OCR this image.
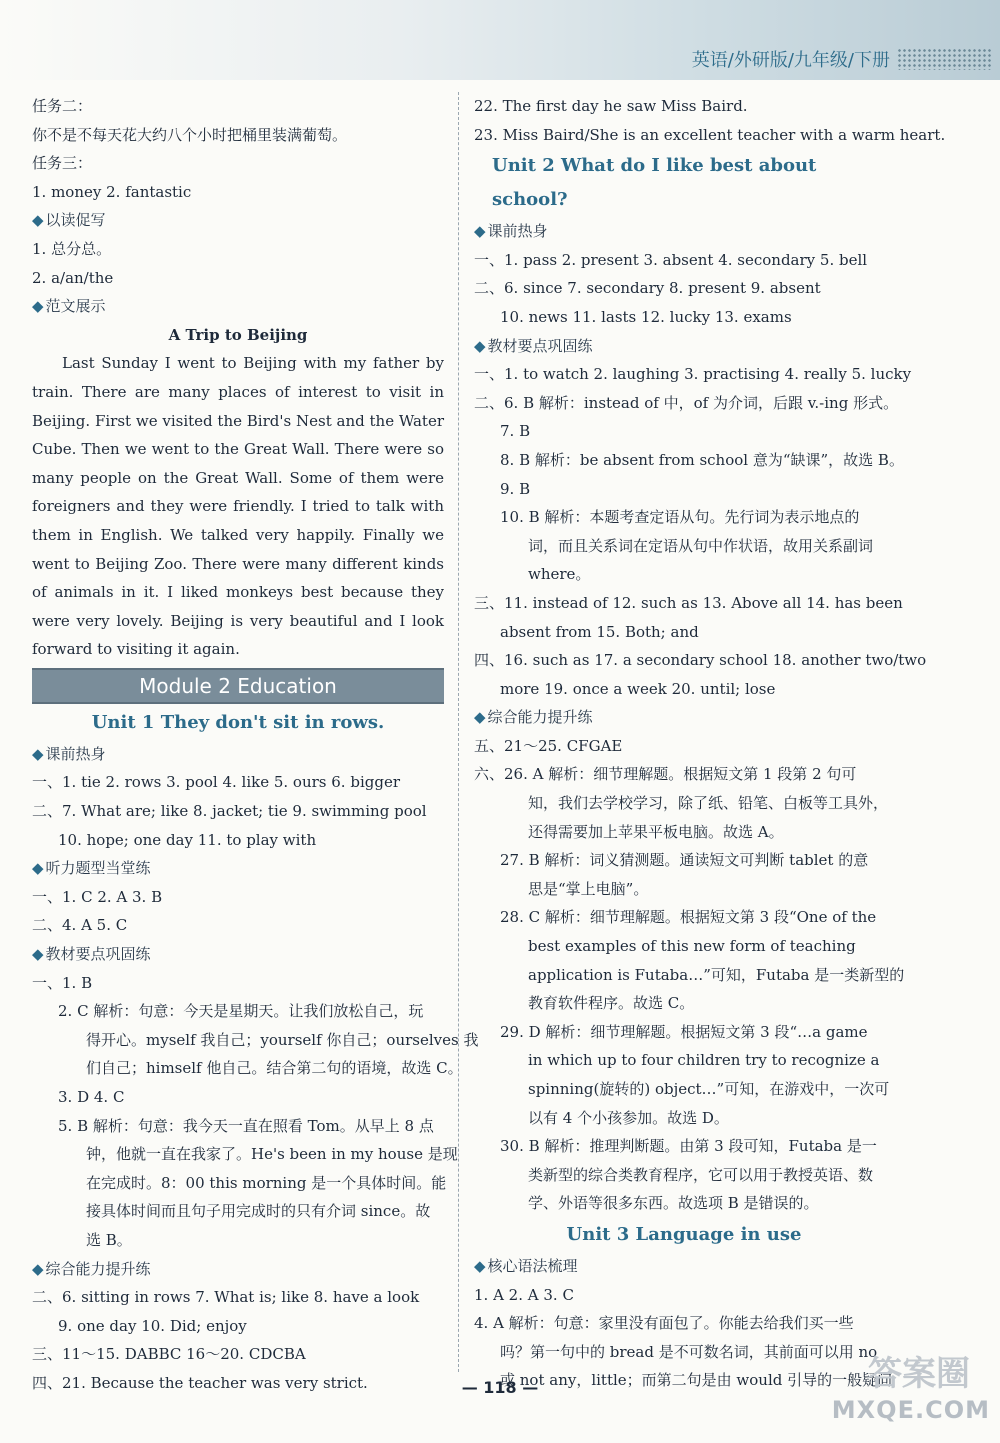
英语/外研版/九年级/下册
任务二：
你不是不每天花大约八个小时把桶里装满葡萄。
任务三：
1. money 2. fantastic
◆ 以读促写
1. 总分总。
2. a/an/the
◆ 范文展示
A Trip to Beijing

Last Sunday I went to Beijing with my father by train. There are many places of interest to visit in Beijing. First we visited the Bird's Nest and the Water Cube. Then we went to the Great Wall. There were so many people on the Great Wall. Some of them were foreigners and they were friendly. I tried to talk with them in English. We talked very happily. Finally we went to Beijing Zoo. There were many different kinds of animals in it. I liked monkeys best because they were very lovely. Beijing is very beautiful and I look forward to visiting it again.

Module 2 Education
Unit 1 They don't sit in rows.
◆ 课前热身
一、1. tie 2. rows 3. pool 4. like 5. ours 6. bigger
二、7. What are; like 8. jacket; tie 9. swimming pool
10. hope; one day 11. to play with
◆ 听力题型当堂练
一、1. C 2. A 3. B
二、4. A 5. C
◆ 教材要点巩固练
一、1. B
2. C 解析：句意：今天是星期天。让我们放松自己，玩
得开心。myself 我自己；yourself 你自己；ourselves 我
们自己；himself 他自己。结合第二句的语境，故选 C。
3. D 4. C
5. B 解析：句意：我今天一直在照看 Tom。从早上 8 点
钟，他就一直在我家了。He's been in my house 是现
在完成时。8：00 this morning 是一个具体时间。能
接具体时间而且句子用完成时的只有介词 since。故
选 B。
◆ 综合能力提升练
二、6. sitting in rows 7. What is; like 8. have a look
9. one day 10. Did; enjoy
三、11～15. DABBC 16～20. CDCBA
四、21. Because the teacher was very strict.
22. The first day he saw Miss Baird.
23. Miss Baird/She is an excellent teacher with a warm heart.
Unit 2 What do I like best about school?
◆ 课前热身
一、1. pass 2. present 3. absent 4. secondary 5. bell
二、6. since 7. secondary 8. present 9. absent
10. news 11. lasts 12. lucky 13. exams
◆ 教材要点巩固练
一、1. to watch 2. laughing 3. practising 4. really 5. lucky
二、6. B 解析：instead of 中，of 为介词，后跟 v.-ing 形式。
7. B
8. B 解析：be absent from school 意为“缺课”，故选 B。
9. B
10. B 解析：本题考查定语从句。先行词为表示地点的
词，而且关系词在定语从句中作状语，故用关系副词
where。
三、11. instead of 12. such as 13. Above all 14. has been
absent from 15. Both; and
四、16. such as 17. a secondary school 18. another two/two
more 19. once a week 20. until; lose
◆ 综合能力提升练
五、21～25. CFGAE
六、26. A 解析：细节理解题。根据短文第 1 段第 2 句可
知，我们去学校学习，除了纸、铅笔、白板等工具外，
还得需要加上苹果平板电脑。故选 A。
27. B 解析：词义猜测题。通读短文可判断 tablet 的意
思是“掌上电脑”。
28. C 解析：细节理解题。根据短文第 3 段“One of the
best examples of this new form of teaching
application is Futaba…”可知，Futaba 是一类新型的
教育软件程序。故选 C。
29. D 解析：细节理解题。根据短文第 3 段“…a game
in which up to four children try to recognize a
spinning(旋转的) object…”可知，在游戏中，一次可
以有 4 个小孩参加。故选 D。
30. B 解析：推理判断题。由第 3 段可知，Futaba 是一
类新型的综合类教育程序，它可以用于教授英语、数
学、外语等很多东西。故选项 B 是错误的。
Unit 3 Language in use
◆ 核心语法梳理
1. A 2. A 3. C
4. A 解析：句意：家里没有面包了。你能去给我们买一些
吗？第一句中的 bread 是不可数名词，其前面可以用 no
或 not any，little；而第二句是由 would 引导的一般疑问
— 118 —	答案圈
MXQE.COM
